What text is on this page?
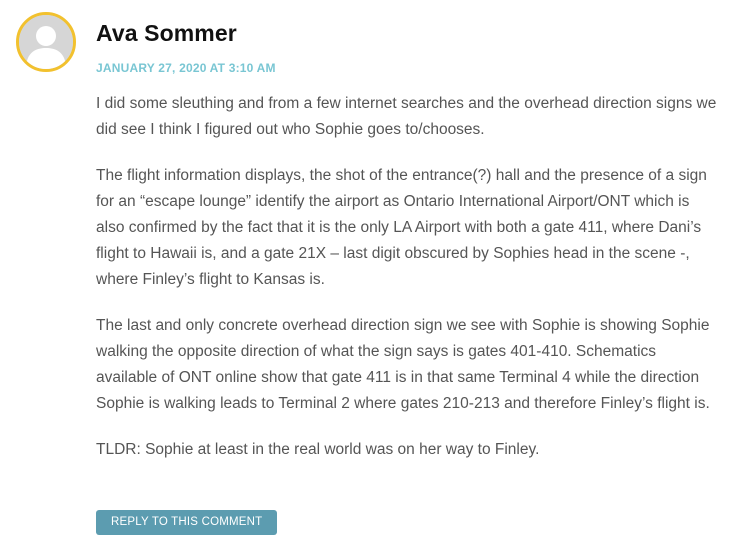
Ava Sommer
JANUARY 27, 2020 AT 3:10 AM

I did some sleuthing and from a few internet searches and the overhead direction signs we did see I think I figured out who Sophie goes to/chooses.

The flight information displays, the shot of the entrance(?) hall and the presence of a sign for an “escape lounge” identify the airport as Ontario International Airport/ONT which is also confirmed by the fact that it is the only LA Airport with both a gate 411, where Dani’s flight to Hawaii is, and a gate 21X – last digit obscured by Sophies head in the scene -, where Finley’s flight to Kansas is.

The last and only concrete overhead direction sign we see with Sophie is showing Sophie walking the opposite direction of what the sign says is gates 401-410. Schematics available of ONT online show that gate 411 is in that same Terminal 4 while the direction Sophie is walking leads to Terminal 2 where gates 210-213 and therefore Finley’s flight is.

TLDR: Sophie at least in the real world was on her way to Finley.

REPLY TO THIS COMMENT
